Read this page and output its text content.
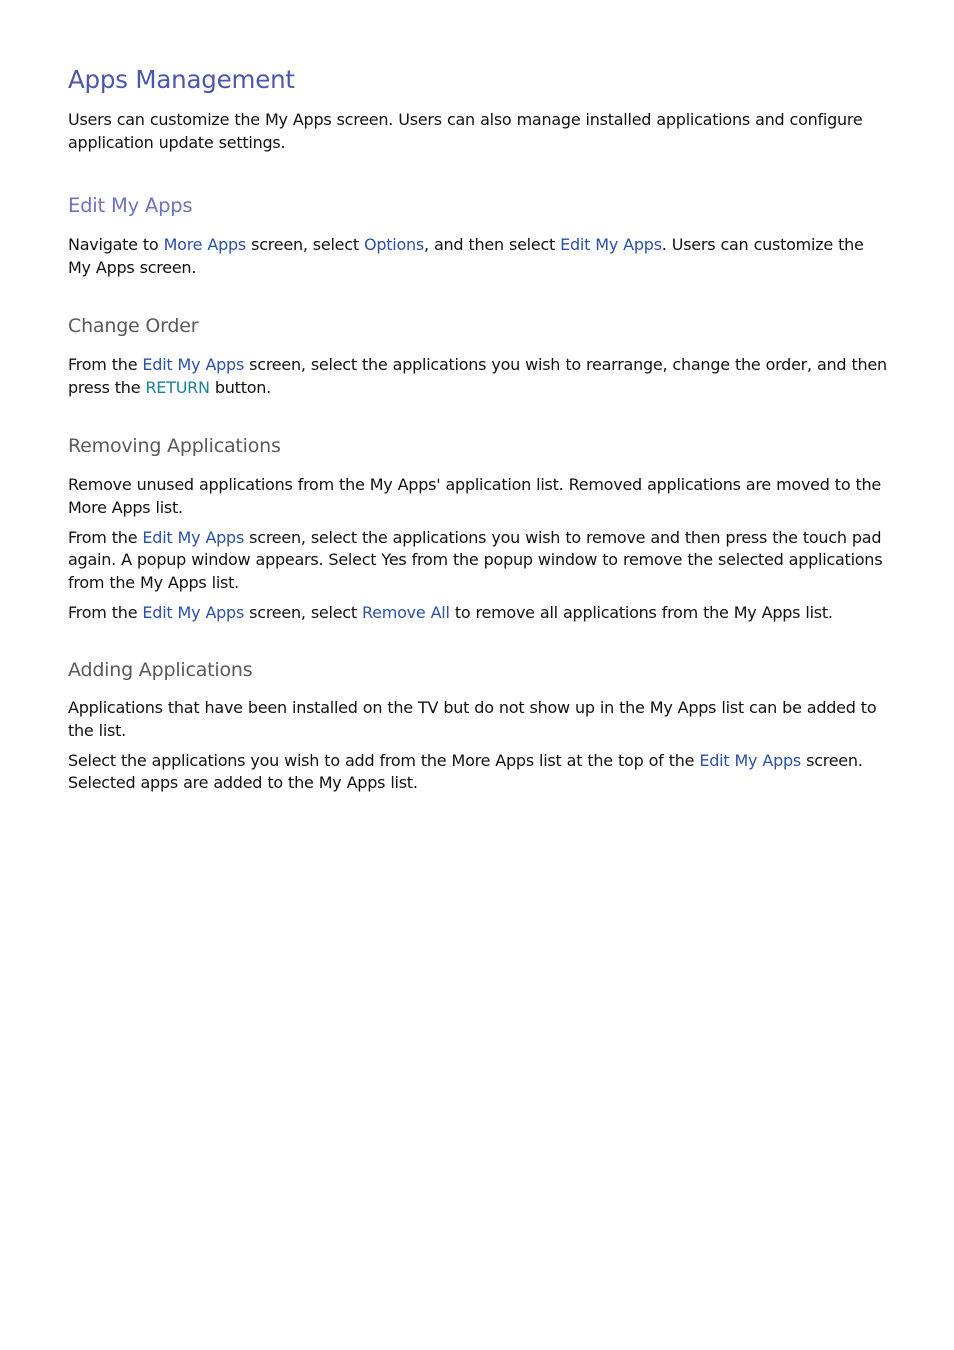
Apps Management

Users can customize the My Apps screen. Users can also manage installed applications and configure application update settings.

Edit My Apps

Navigate to More Apps screen, select Options, and then select Edit My Apps. Users can customize the My Apps screen.

Change Order

From the Edit My Apps screen, select the applications you wish to rearrange, change the order, and then press the RETURN button.

Removing Applications

Remove unused applications from the My Apps' application list. Removed applications are moved to the More Apps list.

From the Edit My Apps screen, select the applications you wish to remove and then press the touch pad again. A popup window appears. Select Yes from the popup window to remove the selected applications from the My Apps list.

From the Edit My Apps screen, select Remove All to remove all applications from the My Apps list.

Adding Applications

Applications that have been installed on the TV but do not show up in the My Apps list can be added to the list.

Select the applications you wish to add from the More Apps list at the top of the Edit My Apps screen. Selected apps are added to the My Apps list.
